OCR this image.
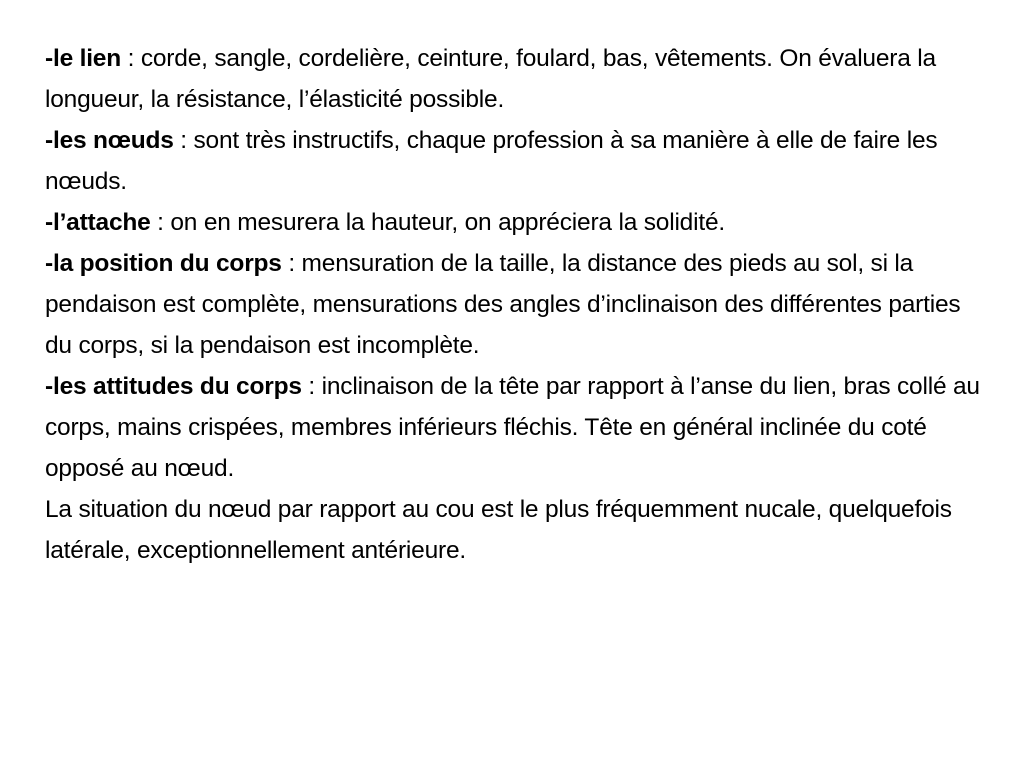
-le lien : corde, sangle, cordelière, ceinture, foulard, bas, vêtements. On évaluera la longueur, la résistance, l’élasticité possible.

-les nœuds : sont très instructifs, chaque profession à sa manière à elle de faire les nœuds.

-l’attache : on en mesurera la hauteur, on appréciera la solidité.

-la position du corps : mensuration de la taille, la distance des pieds au sol, si la pendaison est complète, mensurations des angles d’inclinaison des différentes parties du corps, si la pendaison est incomplète.

-les attitudes du corps : inclinaison de la tête par rapport à l’anse du lien, bras collé au corps, mains crispées, membres inférieurs fléchis. Tête en général inclinée du coté opposé au nœud.

La situation du nœud par rapport au cou est le plus fréquemment nucale, quelquefois latérale, exceptionnellement antérieure.
